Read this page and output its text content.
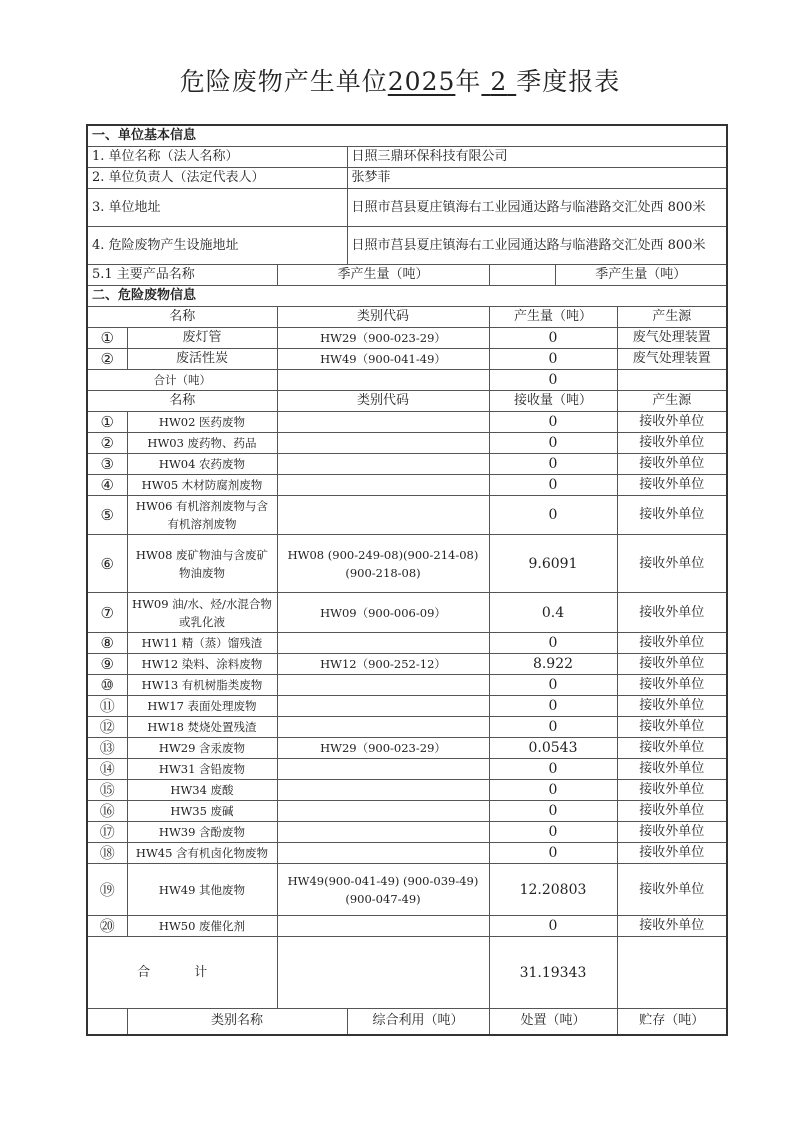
危险废物产生单位2025年 2 季度报表
一、单位基本信息						
1. 单位名称（法人名称）			日照三鼎环保科技有限公司			
2. 单位负责人（法定代表人）			张梦菲			
3. 单位地址			日照市莒县夏庄镇海右工业园通达路与临港路交汇处西 800米			
4. 危险废物产生设施地址			日照市莒县夏庄镇海右工业园通达路与临港路交汇处西 800米			
5.1 主要产品名称		季产生量（吨）			季产生量（吨）	
二、危险废物信息						
名称		类别代码		产生量（吨）		产生源
①	废灯管	HW29（900-023-29）		0		废气处理装置
②	废活性炭	HW49（900-041-49）		0		废气处理装置
合计（吨）				0		
名称		类别代码		接收量（吨）		产生源
①	HW02 医药废物			0		接收外单位
②	HW03 废药物、药品			0		接收外单位
③	HW04 农药废物			0		接收外单位
④	HW05 木材防腐剂废物			0		接收外单位
⑤	HW06 有机溶剂废物与含有机溶剂废物			0		接收外单位
⑥	HW08 废矿物油与含废矿物油废物	HW08 (900-249-08)(900-214-08) (900-218-08)		9.6091		接收外单位
⑦	HW09 油/水、烃/水混合物或乳化液	HW09（900-006-09）		0.4		接收外单位
⑧	HW11 精（蒸）馏残渣			0		接收外单位
⑨	HW12 染料、涂料废物	HW12（900-252-12）		8.922		接收外单位
⑩	HW13 有机树脂类废物			0		接收外单位
⑪	HW17 表面处理废物			0		接收外单位
⑫	HW18 焚烧处置残渣			0		接收外单位
⑬	HW29 含汞废物	HW29（900-023-29）		0.0543		接收外单位
⑭	HW31 含铅废物			0		接收外单位
⑮	HW34 废酸			0		接收外单位
⑯	HW35 废碱			0		接收外单位
⑰	HW39 含酚废物			0		接收外单位
⑱	HW45 含有机卤化物废物			0		接收外单位
⑲	HW49 其他废物	HW49(900-041-49) (900-039-49)(900-047-49)		12.20803		接收外单位
⑳	HW50 废催化剂			0		接收外单位
合 计				31.19343		
	类别名称		综合利用（吨）	处置（吨）		贮存（吨）
